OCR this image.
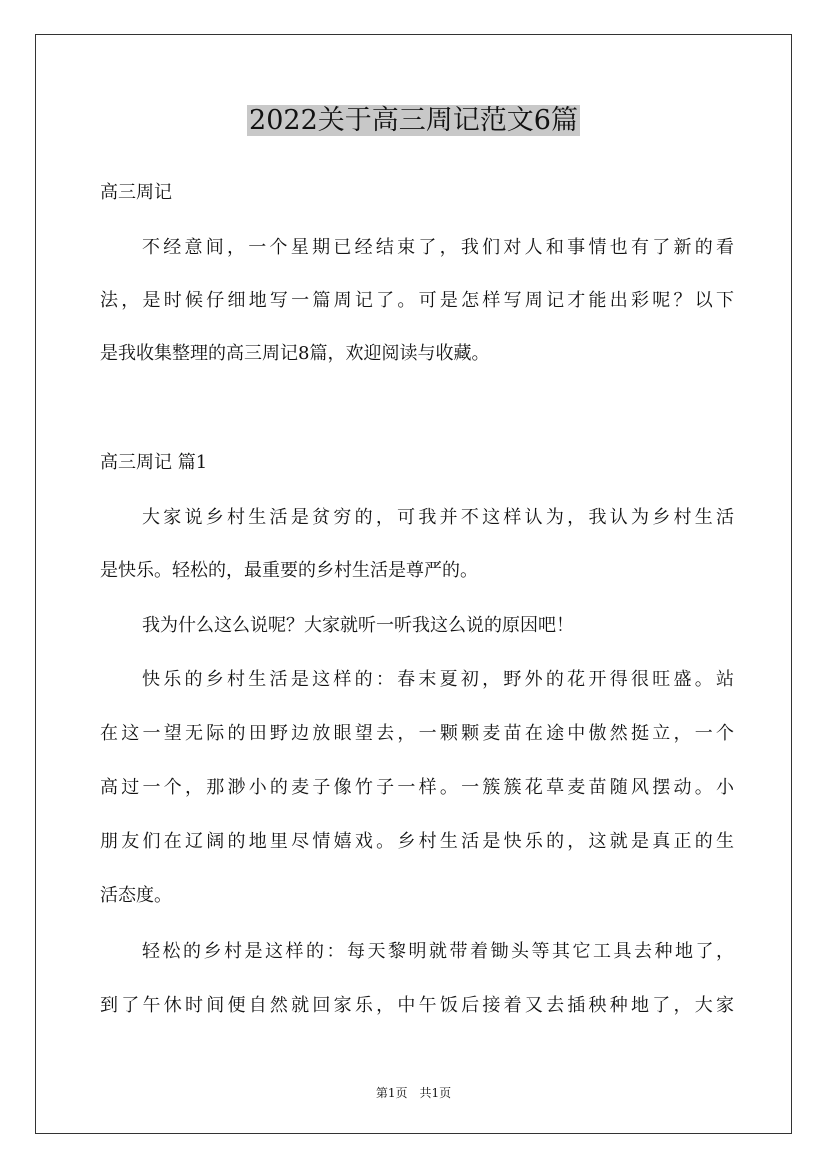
2022关于高三周记范文6篇

高三周记

不经意间，一个星期已经结束了，我们对人和事情也有了新的看

法，是时候仔细地写一篇周记了。可是怎样写周记才能出彩呢？以下

是我收集整理的高三周记8篇，欢迎阅读与收藏。

高三周记 篇1

大家说乡村生活是贫穷的，可我并不这样认为，我认为乡村生活

是快乐。轻松的，最重要的乡村生活是尊严的。

我为什么这么说呢？大家就听一听我这么说的原因吧！

快乐的乡村生活是这样的：春末夏初，野外的花开得很旺盛。站

在这一望无际的田野边放眼望去，一颗颗麦苗在途中傲然挺立，一个

高过一个，那渺小的麦子像竹子一样。一簇簇花草麦苗随风摆动。小

朋友们在辽阔的地里尽情嬉戏。乡村生活是快乐的，这就是真正的生

活态度。

轻松的乡村是这样的：每天黎明就带着锄头等其它工具去种地了，

到了午休时间便自然就回家乐，中午饭后接着又去插秧种地了，大家

第1页　共1页
